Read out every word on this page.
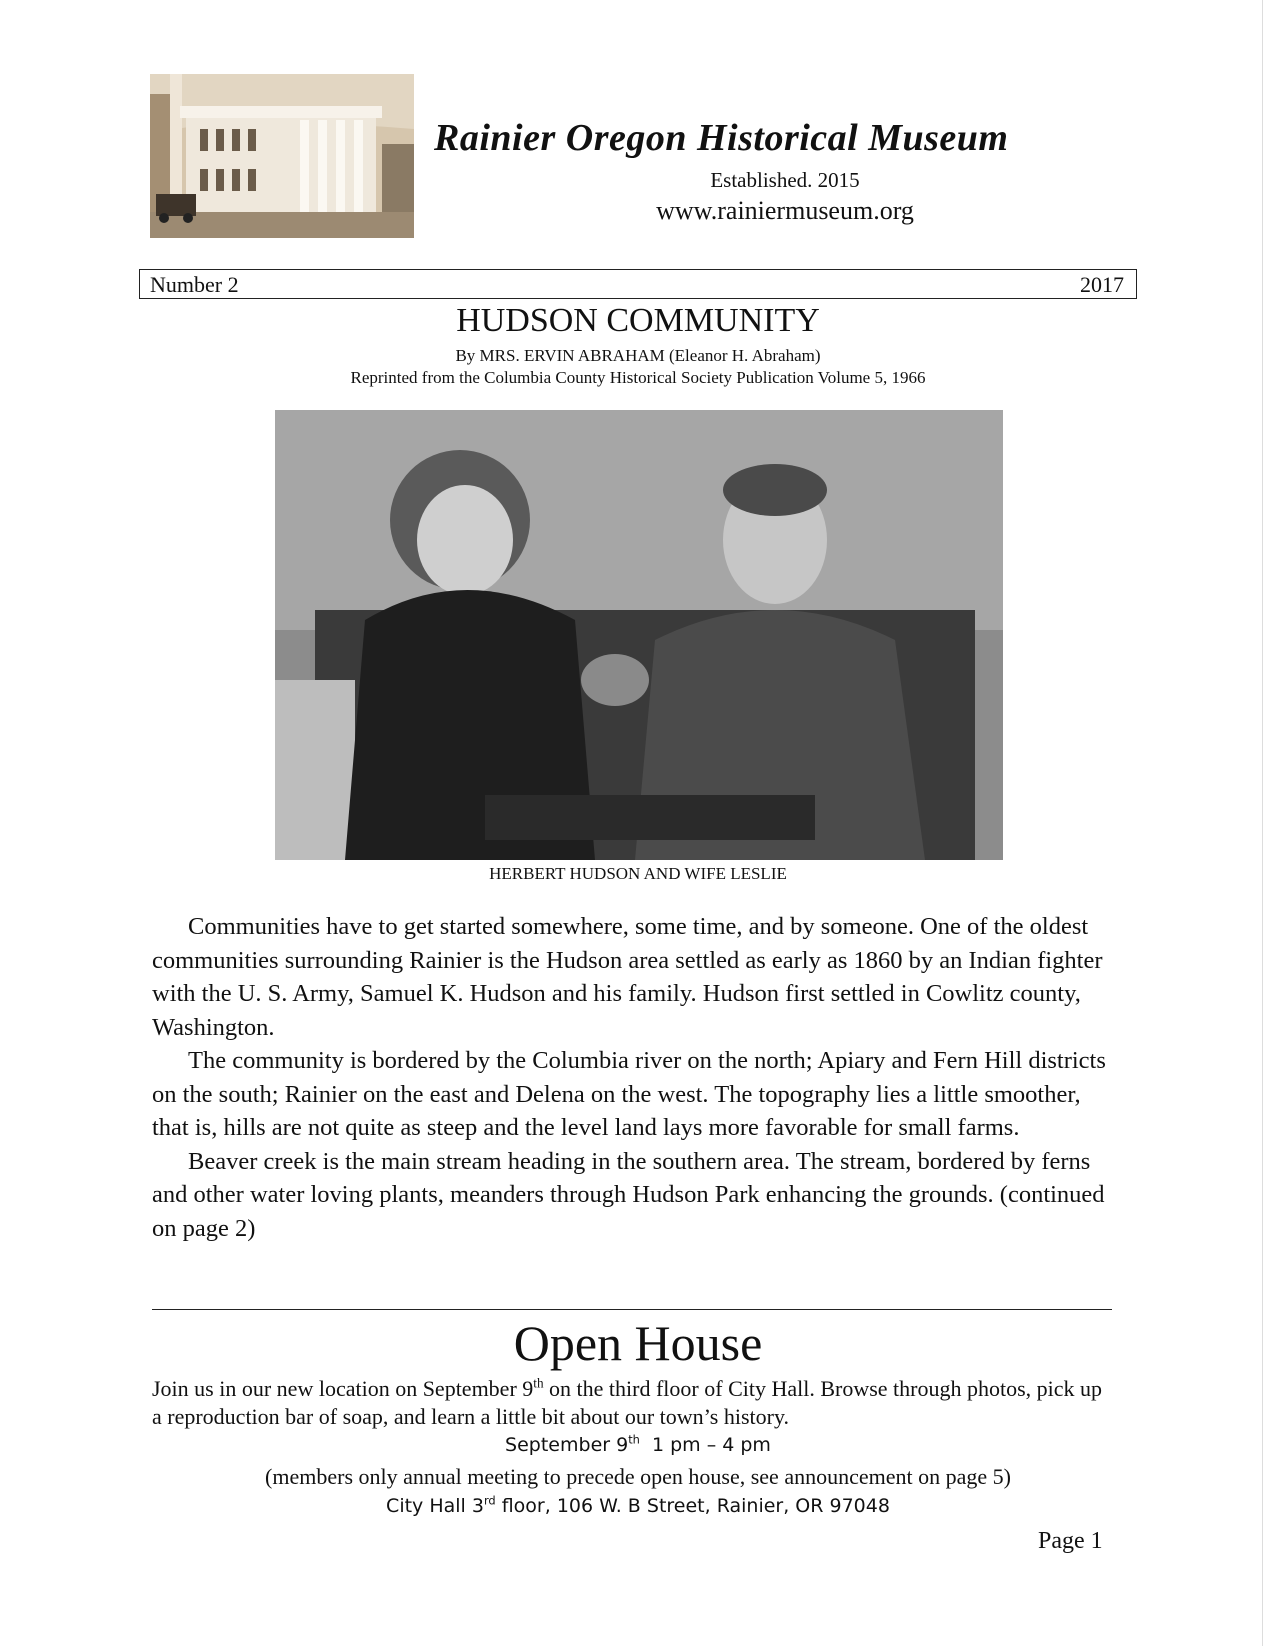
Rainier Oregon Historical Museum
Established. 2015
www.rainiermuseum.org
Number 2	2017
HUDSON COMMUNITY
By MRS. ERVIN ABRAHAM (Eleanor H. Abraham)
Reprinted from the Columbia County Historical Society Publication Volume 5, 1966
HERBERT HUDSON AND WIFE LESLIE

Communities have to get started somewhere, some time, and by someone. One of the oldest communities surrounding Rainier is the Hudson area settled as early as 1860 by an Indian fighter with the U. S. Army, Samuel K. Hudson and his family. Hudson first settled in Cowlitz county, Washington.

The community is bordered by the Columbia river on the north; Apiary and Fern Hill districts on the south; Rainier on the east and Delena on the west. The topography lies a little smoother, that is, hills are not quite as steep and the level land lays more favorable for small farms.

Beaver creek is the main stream heading in the southern area. The stream, bordered by ferns and other water loving plants, meanders through Hudson Park enhancing the grounds. (continued on page 2)

Open House
Join us in our new location on September 9th on the third floor of City Hall. Browse through photos, pick up a reproduction bar of soap, and learn a little bit about our town’s history.
September 9th  1 pm – 4 pm
(members only annual meeting to precede open house, see announcement on page 5)
City Hall 3rd floor, 106 W. B Street, Rainier, OR 97048
Page 1
